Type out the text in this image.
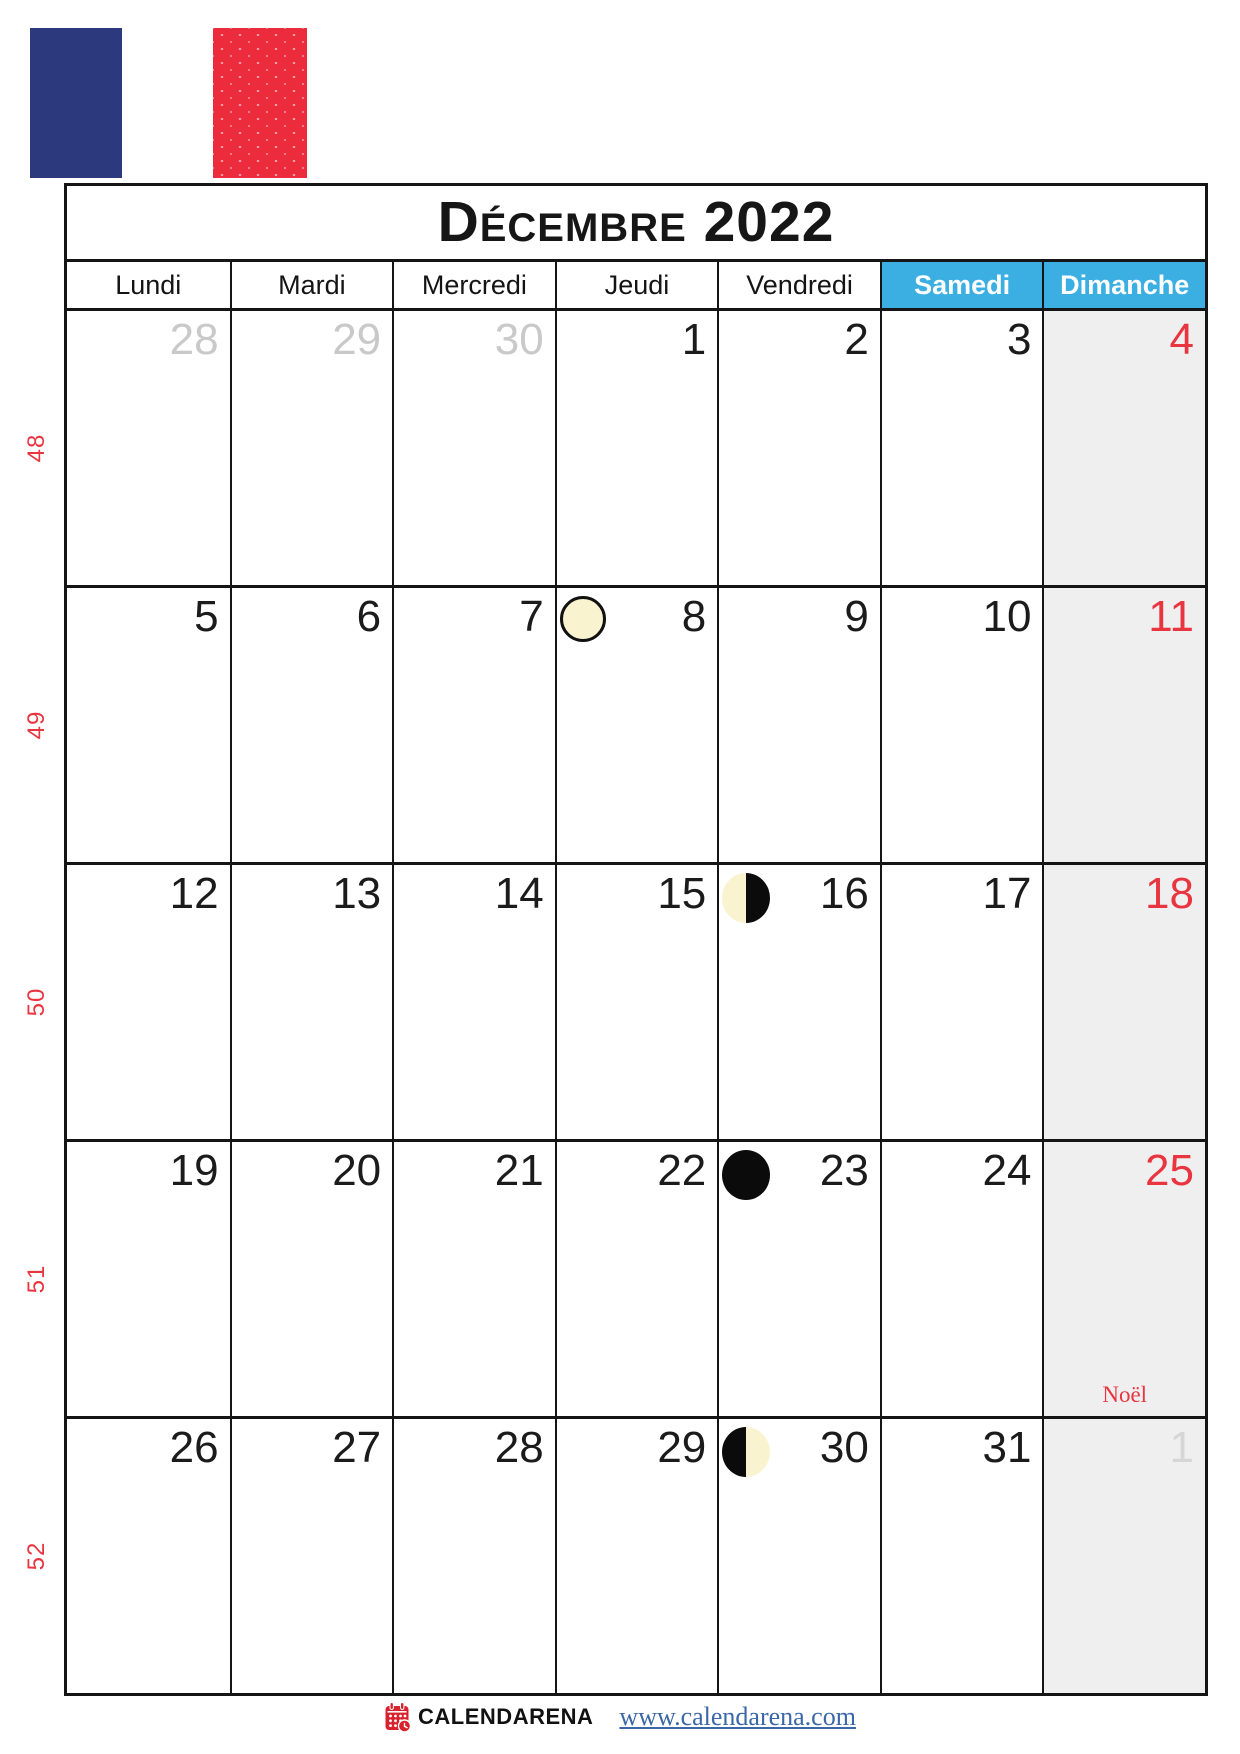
Décembre 2022
Lundi	Mardi	Mercredi	Jeudi	Vendredi	Samedi	Dimanche
48
28	29	30	1	2	3	4
49
5	6	7	8	9	10	11
50
12	13	14	15	16	17	18
51
19	20	21	22	23	24	25
Noël
52
26	27	28	29	30	31	1
CALENDARENA www.calendarena.com
